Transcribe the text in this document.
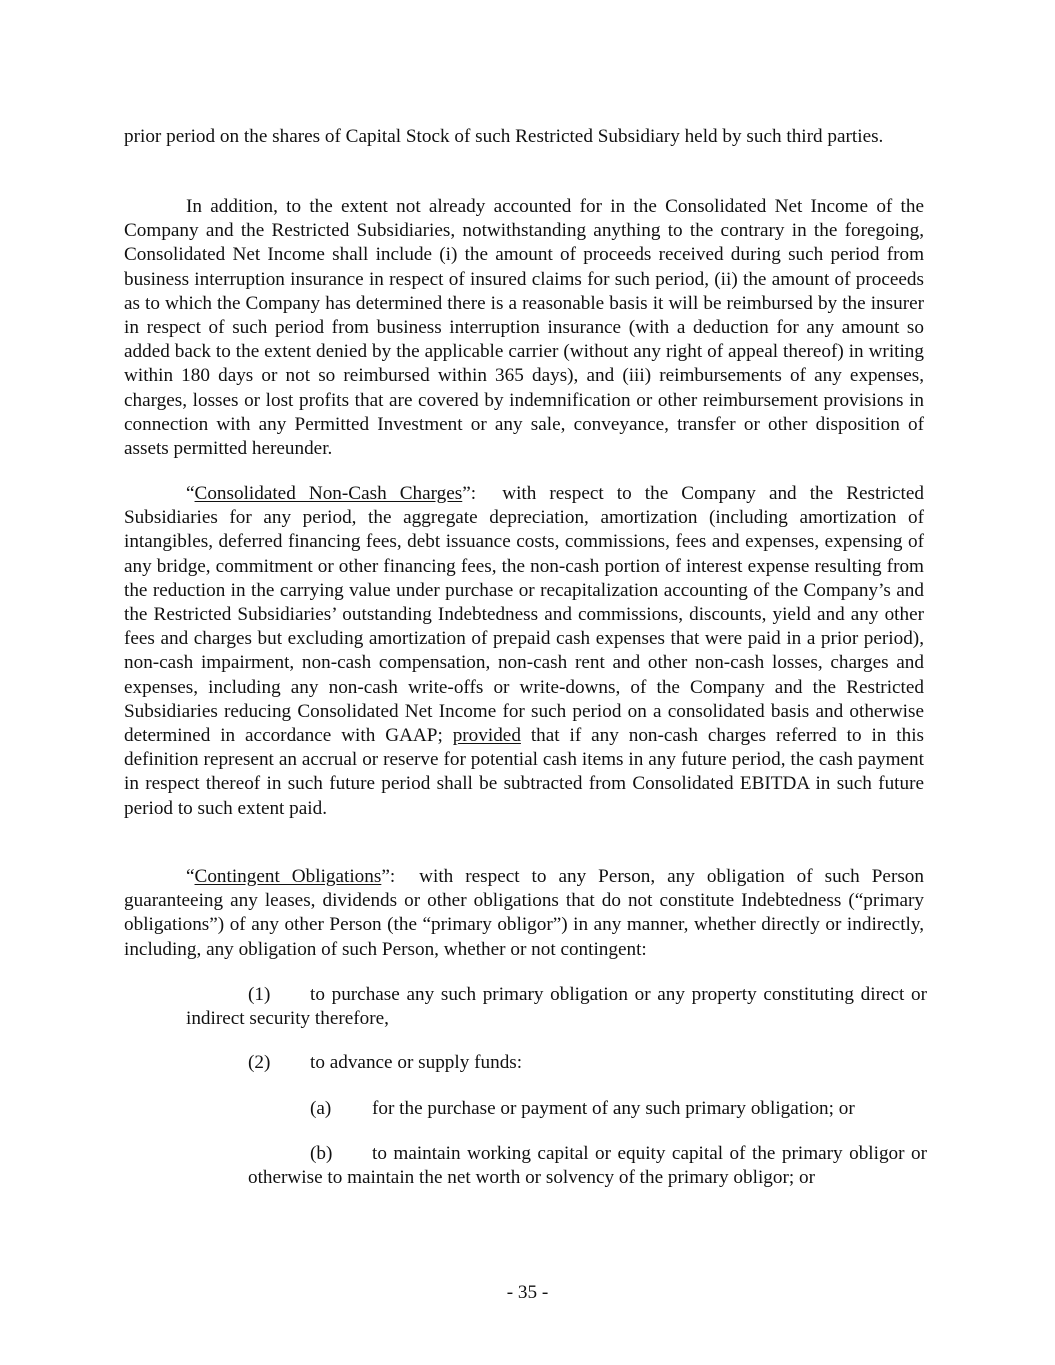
prior period on the shares of Capital Stock of such Restricted Subsidiary held by such third parties.

In addition, to the extent not already accounted for in the Consolidated Net Income of the Company and the Restricted Subsidiaries, notwithstanding anything to the contrary in the foregoing, Consolidated Net Income shall include (i) the amount of proceeds received during such period from business interruption insurance in respect of insured claims for such period, (ii) the amount of proceeds as to which the Company has determined there is a reasonable basis it will be reimbursed by the insurer in respect of such period from business interruption insurance (with a deduction for any amount so added back to the extent denied by the applicable carrier (without any right of appeal thereof) in writing within 180 days or not so reimbursed within 365 days), and (iii) reimbursements of any expenses, charges, losses or lost profits that are covered by indemnification or other reimbursement provisions in connection with any Permitted Investment or any sale, conveyance, transfer or other disposition of assets permitted hereunder.

“Consolidated Non-Cash Charges”: with respect to the Company and the Restricted Subsidiaries for any period, the aggregate depreciation, amortization (including amortization of intangibles, deferred financing fees, debt issuance costs, commissions, fees and expenses, expensing of any bridge, commitment or other financing fees, the non-cash portion of interest expense resulting from the reduction in the carrying value under purchase or recapitalization accounting of the Company’s and the Restricted Subsidiaries’ outstanding Indebtedness and commissions, discounts, yield and any other fees and charges but excluding amortization of prepaid cash expenses that were paid in a prior period), non-cash impairment, non-cash compensation, non-cash rent and other non-cash losses, charges and expenses, including any non-cash write-offs or write-downs, of the Company and the Restricted Subsidiaries reducing Consolidated Net Income for such period on a consolidated basis and otherwise determined in accordance with GAAP; provided that if any non-cash charges referred to in this definition represent an accrual or reserve for potential cash items in any future period, the cash payment in respect thereof in such future period shall be subtracted from Consolidated EBITDA in such future period to such extent paid.

“Contingent Obligations”: with respect to any Person, any obligation of such Person guaranteeing any leases, dividends or other obligations that do not constitute Indebtedness (“primary obligations”) of any other Person (the “primary obligor”) in any manner, whether directly or indirectly, including, any obligation of such Person, whether or not contingent:

(1) to purchase any such primary obligation or any property constituting direct or indirect security therefore,

(2) to advance or supply funds:

(a) for the purchase or payment of any such primary obligation; or

(b) to maintain working capital or equity capital of the primary obligor or otherwise to maintain the net worth or solvency of the primary obligor; or

- 35 -
